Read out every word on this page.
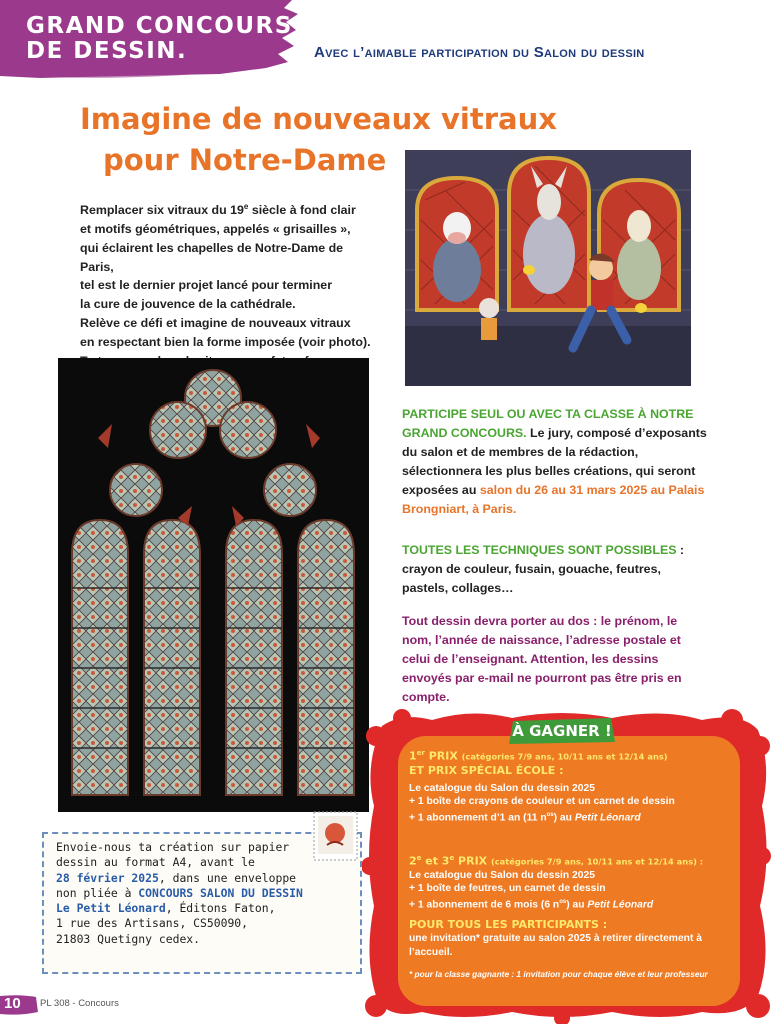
GRAND CONCOURS
DE DESSIN.	Avec l’aimable participation du Salon du dessin
Imagine de nouveaux vitraux
pour Notre-Dame

Remplacer six vitraux du 19e siècle à fond clair
et motifs géométriques, appelés « grisailles »,
qui éclairent les chapelles de Notre-Dame de Paris,
tel est le dernier projet lancé pour terminer
la cure de jouvence de la cathédrale.
Relève ce défi et imagine de nouveaux vitraux
en respectant bien la forme imposée (voir photo).

PARTICIPE SEUL OU AVEC TA CLASSE À NOTRE GRAND CONCOURS. Le jury, composé d’exposants du salon et de membres de la rédaction, sélectionnera les plus belles créations, qui seront exposées au salon du 26 au 31 mars 2025 au Palais Brongniart, à Paris.
TOUTES LES TECHNIQUES SONT POSSIBLES : crayon de couleur, fusain, gouache, feutres, pastels, collages…
Tout dessin devra porter au dos : le prénom, le nom, l’année de naissance, l’adresse postale et celui de l’enseignant. Attention, les dessins envoyés par e-mail ne pourront pas être pris en compte.
À GAGNER !

1er PRIX (catégories 7/9 ans, 10/11 ans et 12/14 ans)

ET PRIX SPÉCIAL ÉCOLE :

Le catalogue du Salon du dessin 2025

+ 1 boîte de crayons de couleur et un carnet de dessin

+ 1 abonnement d’1 an (11 $n^{os}$) au Petit Léonard

2e et 3e PRIX (catégories 7/9 ans, 10/11 ans et 12/14 ans) :

Le catalogue du Salon du dessin 2025

+ 1 boîte de feutres, un carnet de dessin

+ 1 abonnement de 6 mois (6 $n^{os}$) au Petit Léonard

POUR TOUS LES PARTICIPANTS :

une invitation* gratuite au salon 2025 à retirer directement à l’accueil.

* pour la classe gagnante : 1 invitation pour chaque élève et leur professeur
Envoie-nous ta création sur papier
dessin au format A4, avant le
28 février 2025, dans une enveloppe
non pliée à CONCOURS SALON DU DESSIN
Le Petit Léonard, Éditons Faton,
1 rue des Artisans, CS50090,
21803 Quetigny cedex.
10 PL 308 - Concours
